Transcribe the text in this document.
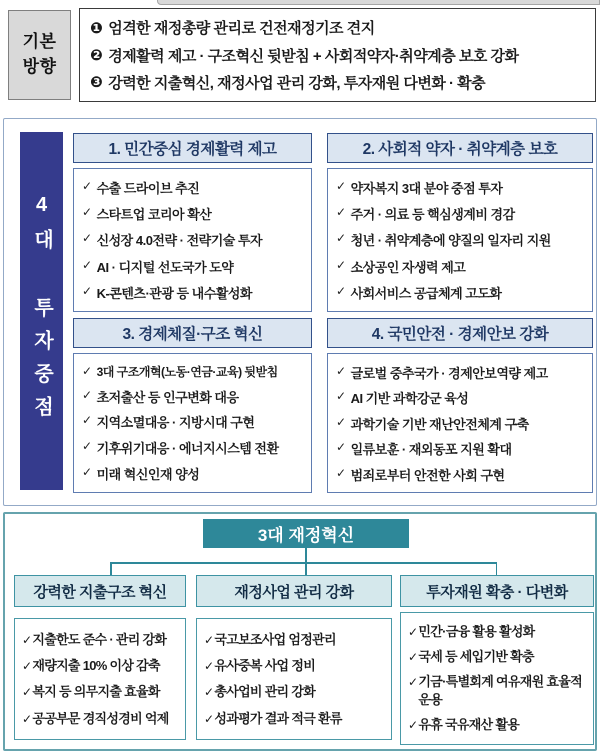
기본
방향
❶ 엄격한 재정총량 관리로 건전재정기조 견지
❷ 경제활력 제고 · 구조혁신 뒷받침 + 사회적약자·취약계층 보호 강화
❸ 강력한 지출혁신, 재정사업 관리 강화, 투자재원 다변화 · 확충
4대 투자중점
1. 민간중심 경제활력 제고
✓ 수출 드라이브 추진
✓ 스타트업 코리아 확산
✓ 신성장 4.0전략 · 전략기술 투자
✓ AI · 디지털 선도국가 도약
✓ K-콘텐츠·관광 등 내수활성화
2. 사회적 약자 · 취약계층 보호
✓ 약자복지 3대 분야 중점 투자
✓ 주거 · 의료 등 핵심생계비 경감
✓ 청년 · 취약계층에 양질의 일자리 지원
✓ 소상공인 자생력 제고
✓ 사회서비스 공급체계 고도화
3. 경제체질·구조 혁신
✓ 3대 구조개혁(노동·연금·교육) 뒷받침
✓ 초저출산 등 인구변화 대응
✓ 지역소멸대응 · 지방시대 구현
✓ 기후위기대응 · 에너지시스템 전환
✓ 미래 혁신인재 양성
4. 국민안전 · 경제안보 강화
✓ 글로벌 중추국가 · 경제안보역량 제고
✓ AI 기반 과학강군 육성
✓ 과학기술 기반 재난안전체계 구축
✓ 일류보훈 · 재외동포 지원 확대
✓ 범죄로부터 안전한 사회 구현
3대 재정혁신
강력한 지출구조 혁신
✓ 지출한도 준수 · 관리 강화
✓ 재량지출 10% 이상 감축
✓ 복지 등 의무지출 효율화
✓ 공공부문 경직성경비 억제
재정사업 관리 강화
✓ 국고보조사업 엄정관리
✓ 유사중복 사업 정비
✓ 총사업비 관리 강화
✓ 성과평가 결과 적극 환류
투자재원 확충 · 다변화
✓ 민간·금융 활용 활성화
✓ 국세 등 세입기반 확충
✓ 기금·특별회계 여유재원 효율적 운용
✓ 유휴 국유재산 활용
